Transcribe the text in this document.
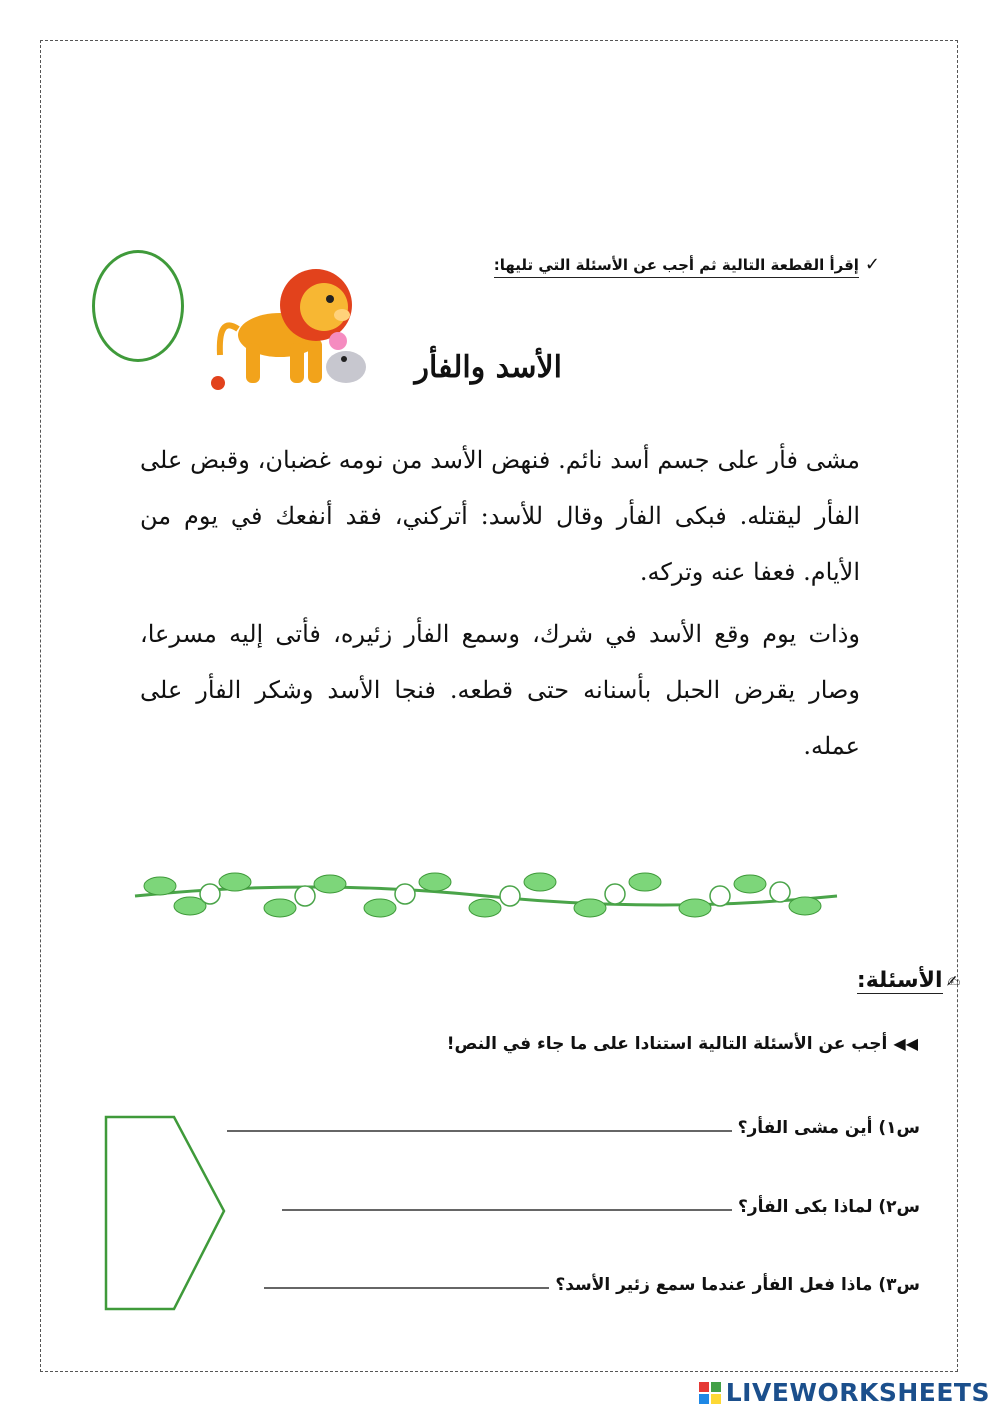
✓إقرأ القطعة التالية ثم أجب عن الأسئلة التي تليها:
الأسد والفأر

مشى فأر على جسم أسد نائم. فنهض الأسد من نومه غضبان، وقبض على الفأر ليقتله. فبكى الفأر وقال للأسد: أتركني، فقد أنفعك في يوم من الأيام. فعفا عنه وتركه.

وذات يوم وقع الأسد في شرك، وسمع الفأر زئيره، فأتى إليه مسرعا، وصار يقرض الحبل بأسنانه حتى قطعه. فنجا الأسد وشكر الفأر على عمله.

✍الأسئلة:
◀◀أجب عن الأسئلة التالية استنادا على ما جاء في النص!
س١) أين مشى الفأر؟
س٢) لماذا بكى الفأر؟
س٣) ماذا فعل الفأر عندما سمع زئير الأسد؟
LIVEWORKSHEETS
